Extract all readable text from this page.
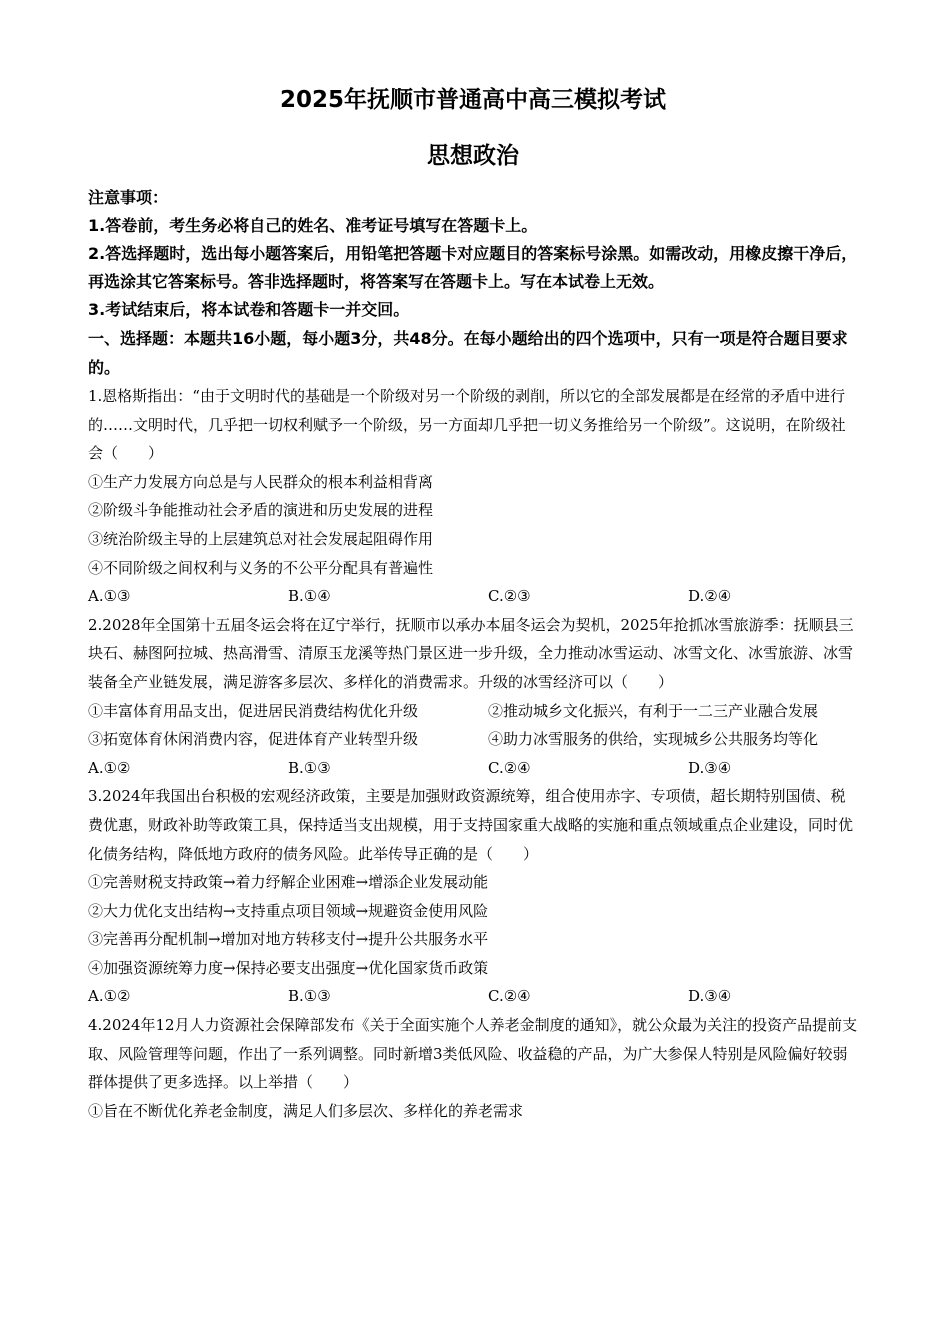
2025年抚顺市普通高中高三模拟考试
思想政治

注意事项：

1.答卷前，考生务必将自己的姓名、准考证号填写在答题卡上。

2.答选择题时，选出每小题答案后，用铅笔把答题卡对应题目的答案标号涂黑。如需改动，用橡皮擦干净后，再选涂其它答案标号。答非选择题时，将答案写在答题卡上。写在本试卷上无效。

3.考试结束后，将本试卷和答题卡一并交回。

一、选择题：本题共16小题，每小题3分，共48分。在每小题给出的四个选项中，只有一项是符合题目要求的。

1.恩格斯指出：“由于文明时代的基础是一个阶级对另一个阶级的剥削，所以它的全部发展都是在经常的矛盾中进行的……文明时代，几乎把一切权利赋予一个阶级，另一方面却几乎把一切义务推给另一个阶级”。这说明，在阶级社会（　　）

①生产力发展方向总是与人民群众的根本利益相背离

②阶级斗争能推动社会矛盾的演进和历史发展的进程

③统治阶级主导的上层建筑总对社会发展起阻碍作用

④不同阶级之间权利与义务的不公平分配具有普遍性

A.①③	B.①④	C.②③	D.②④

2.2028年全国第十五届冬运会将在辽宁举行，抚顺市以承办本届冬运会为契机，2025年抢抓冰雪旅游季：抚顺县三块石、赫图阿拉城、热高滑雪、清原玉龙溪等热门景区进一步升级，全力推动冰雪运动、冰雪文化、冰雪旅游、冰雪装备全产业链发展，满足游客多层次、多样化的消费需求。升级的冰雪经济可以（　　）

①丰富体育用品支出，促进居民消费结构优化升级	②推动城乡文化振兴，有利于一二三产业融合发展
③拓宽体育休闲消费内容，促进体育产业转型升级	④助力冰雪服务的供给，实现城乡公共服务均等化
A.①②	B.①③	C.②④	D.③④

3.2024年我国出台积极的宏观经济政策，主要是加强财政资源统筹，组合使用赤字、专项债，超长期特别国债、税费优惠，财政补助等政策工具，保持适当支出规模，用于支持国家重大战略的实施和重点领域重点企业建设，同时优化债务结构，降低地方政府的债务风险。此举传导正确的是（　　）

①完善财税支持政策→着力纾解企业困难→增添企业发展动能

②大力优化支出结构→支持重点项目领域→规避资金使用风险

③完善再分配机制→增加对地方转移支付→提升公共服务水平

④加强资源统筹力度→保持必要支出强度→优化国家货币政策

A.①②	B.①③	C.②④	D.③④

4.2024年12月人力资源社会保障部发布《关于全面实施个人养老金制度的通知》，就公众最为关注的投资产品提前支取、风险管理等问题，作出了一系列调整。同时新增3类低风险、收益稳的产品，为广大参保人特别是风险偏好较弱群体提供了更多选择。以上举措（　　）

①旨在不断优化养老金制度，满足人们多层次、多样化的养老需求
